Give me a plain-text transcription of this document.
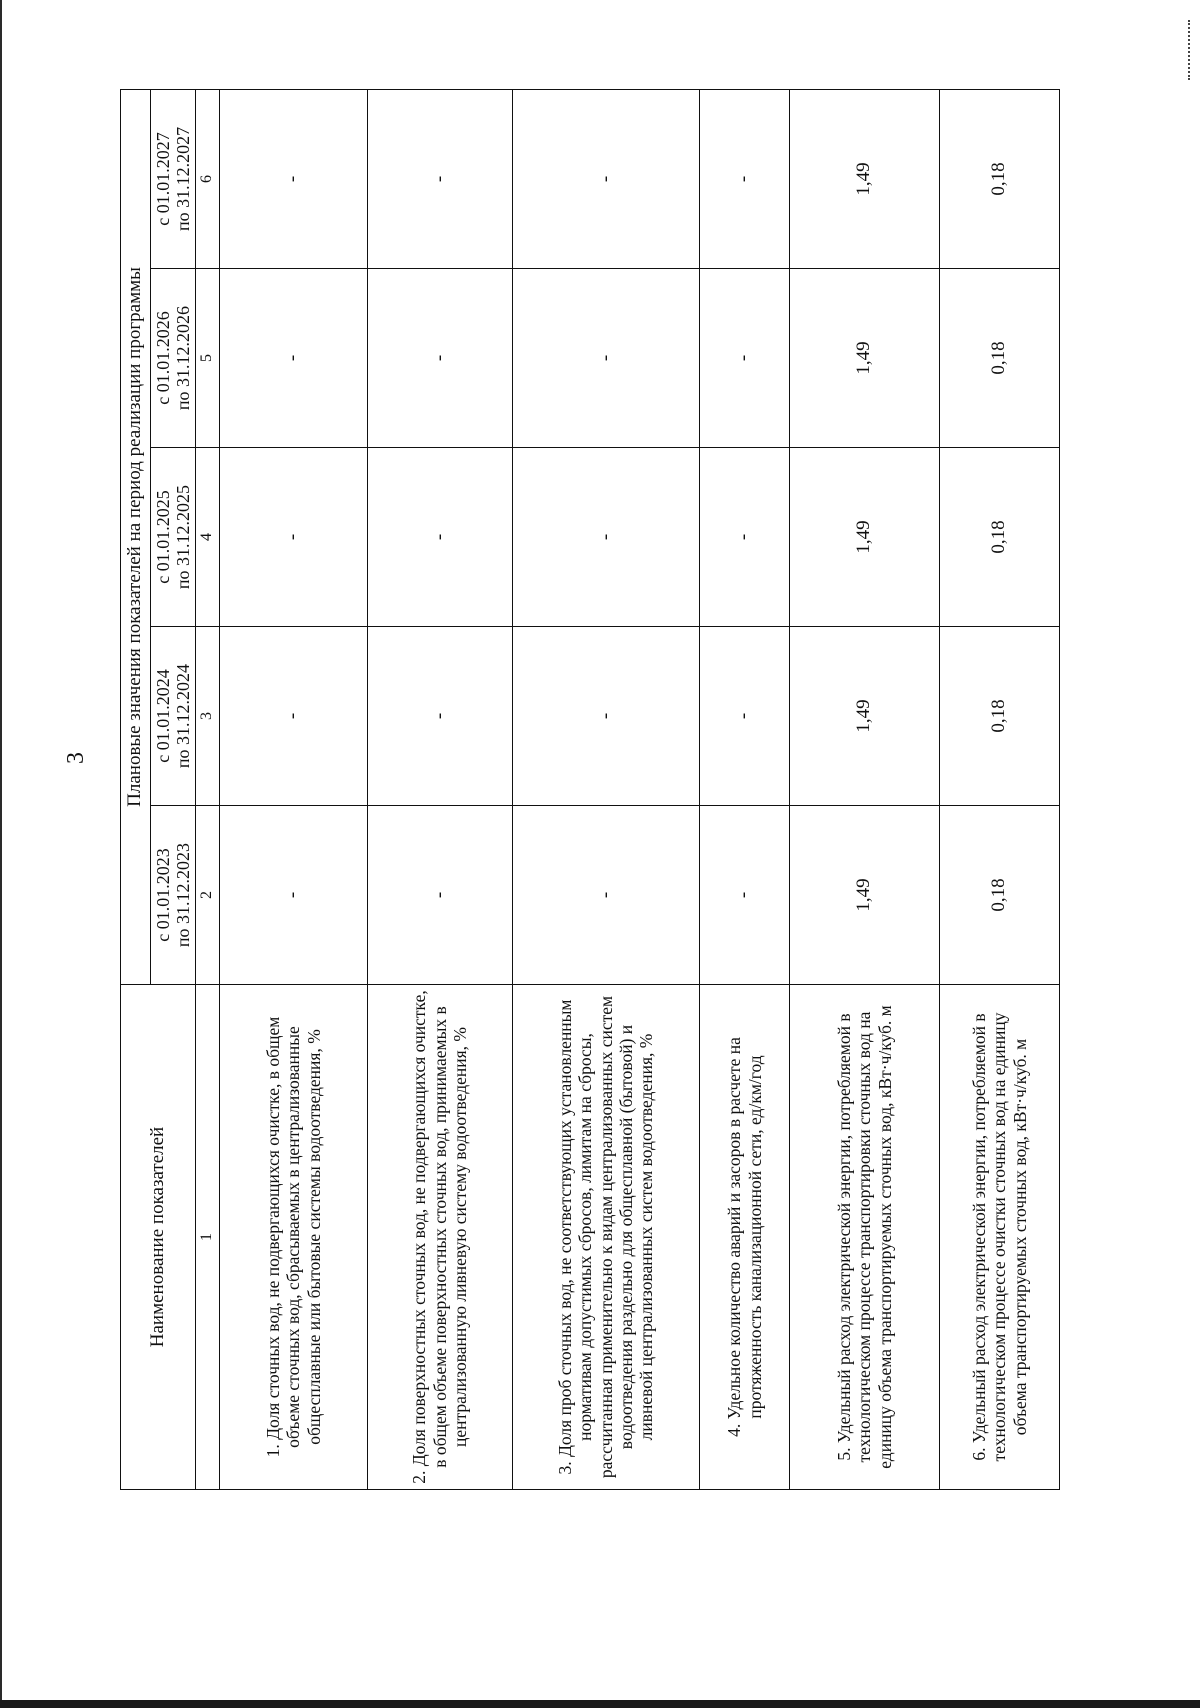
3
Наименование показателей	Плановые значения показателей на период реализации программы				

	с 01.01.2023 по 31.12.2023	с 01.01.2024 по 31.12.2024	с 01.01.2025 по 31.12.2025	с 01.01.2026 по 31.12.2026	с 01.01.2027 по 31.12.2027

1	2	3	4	5	6
1. Доля сточных вод, не подвергающихся очистке, в общем объеме сточных вод, сбрасываемых в централизованные общесплавные или бытовые системы водоотведения, %	-	-	-	-	-
2. Доля поверхностных сточных вод, не подвергающихся очистке, в общем объеме поверхностных сточных вод, принимаемых в централизованную ливневую систему водоотведения, %	-	-	-	-	-
3. Доля проб сточных вод, не соответствующих установленным нормативам допустимых сбросов, лимитам на сбросы, рассчитанная применительно к видам централизованных систем водоотведения раздельно для общесплавной (бытовой) и ливневой централизованных систем водоотведения, %	-	-	-	-	-
4. Удельное количество аварий и засоров в расчете на протяженность канализационной сети, ед/км/год	-	-	-	-	-
5. Удельный расход электрической энергии, потребляемой в технологическом процессе транспортировки сточных вод на единицу объема транспортируемых сточных вод, кВт·ч/куб. м	1,49	1,49	1,49	1,49	1,49
6. Удельный расход электрической энергии, потребляемой в технологическом процессе очистки сточных вод на единицу объема транспортируемых сточных вод, кВт·ч/куб. м	0,18	0,18	0,18	0,18	0,18
